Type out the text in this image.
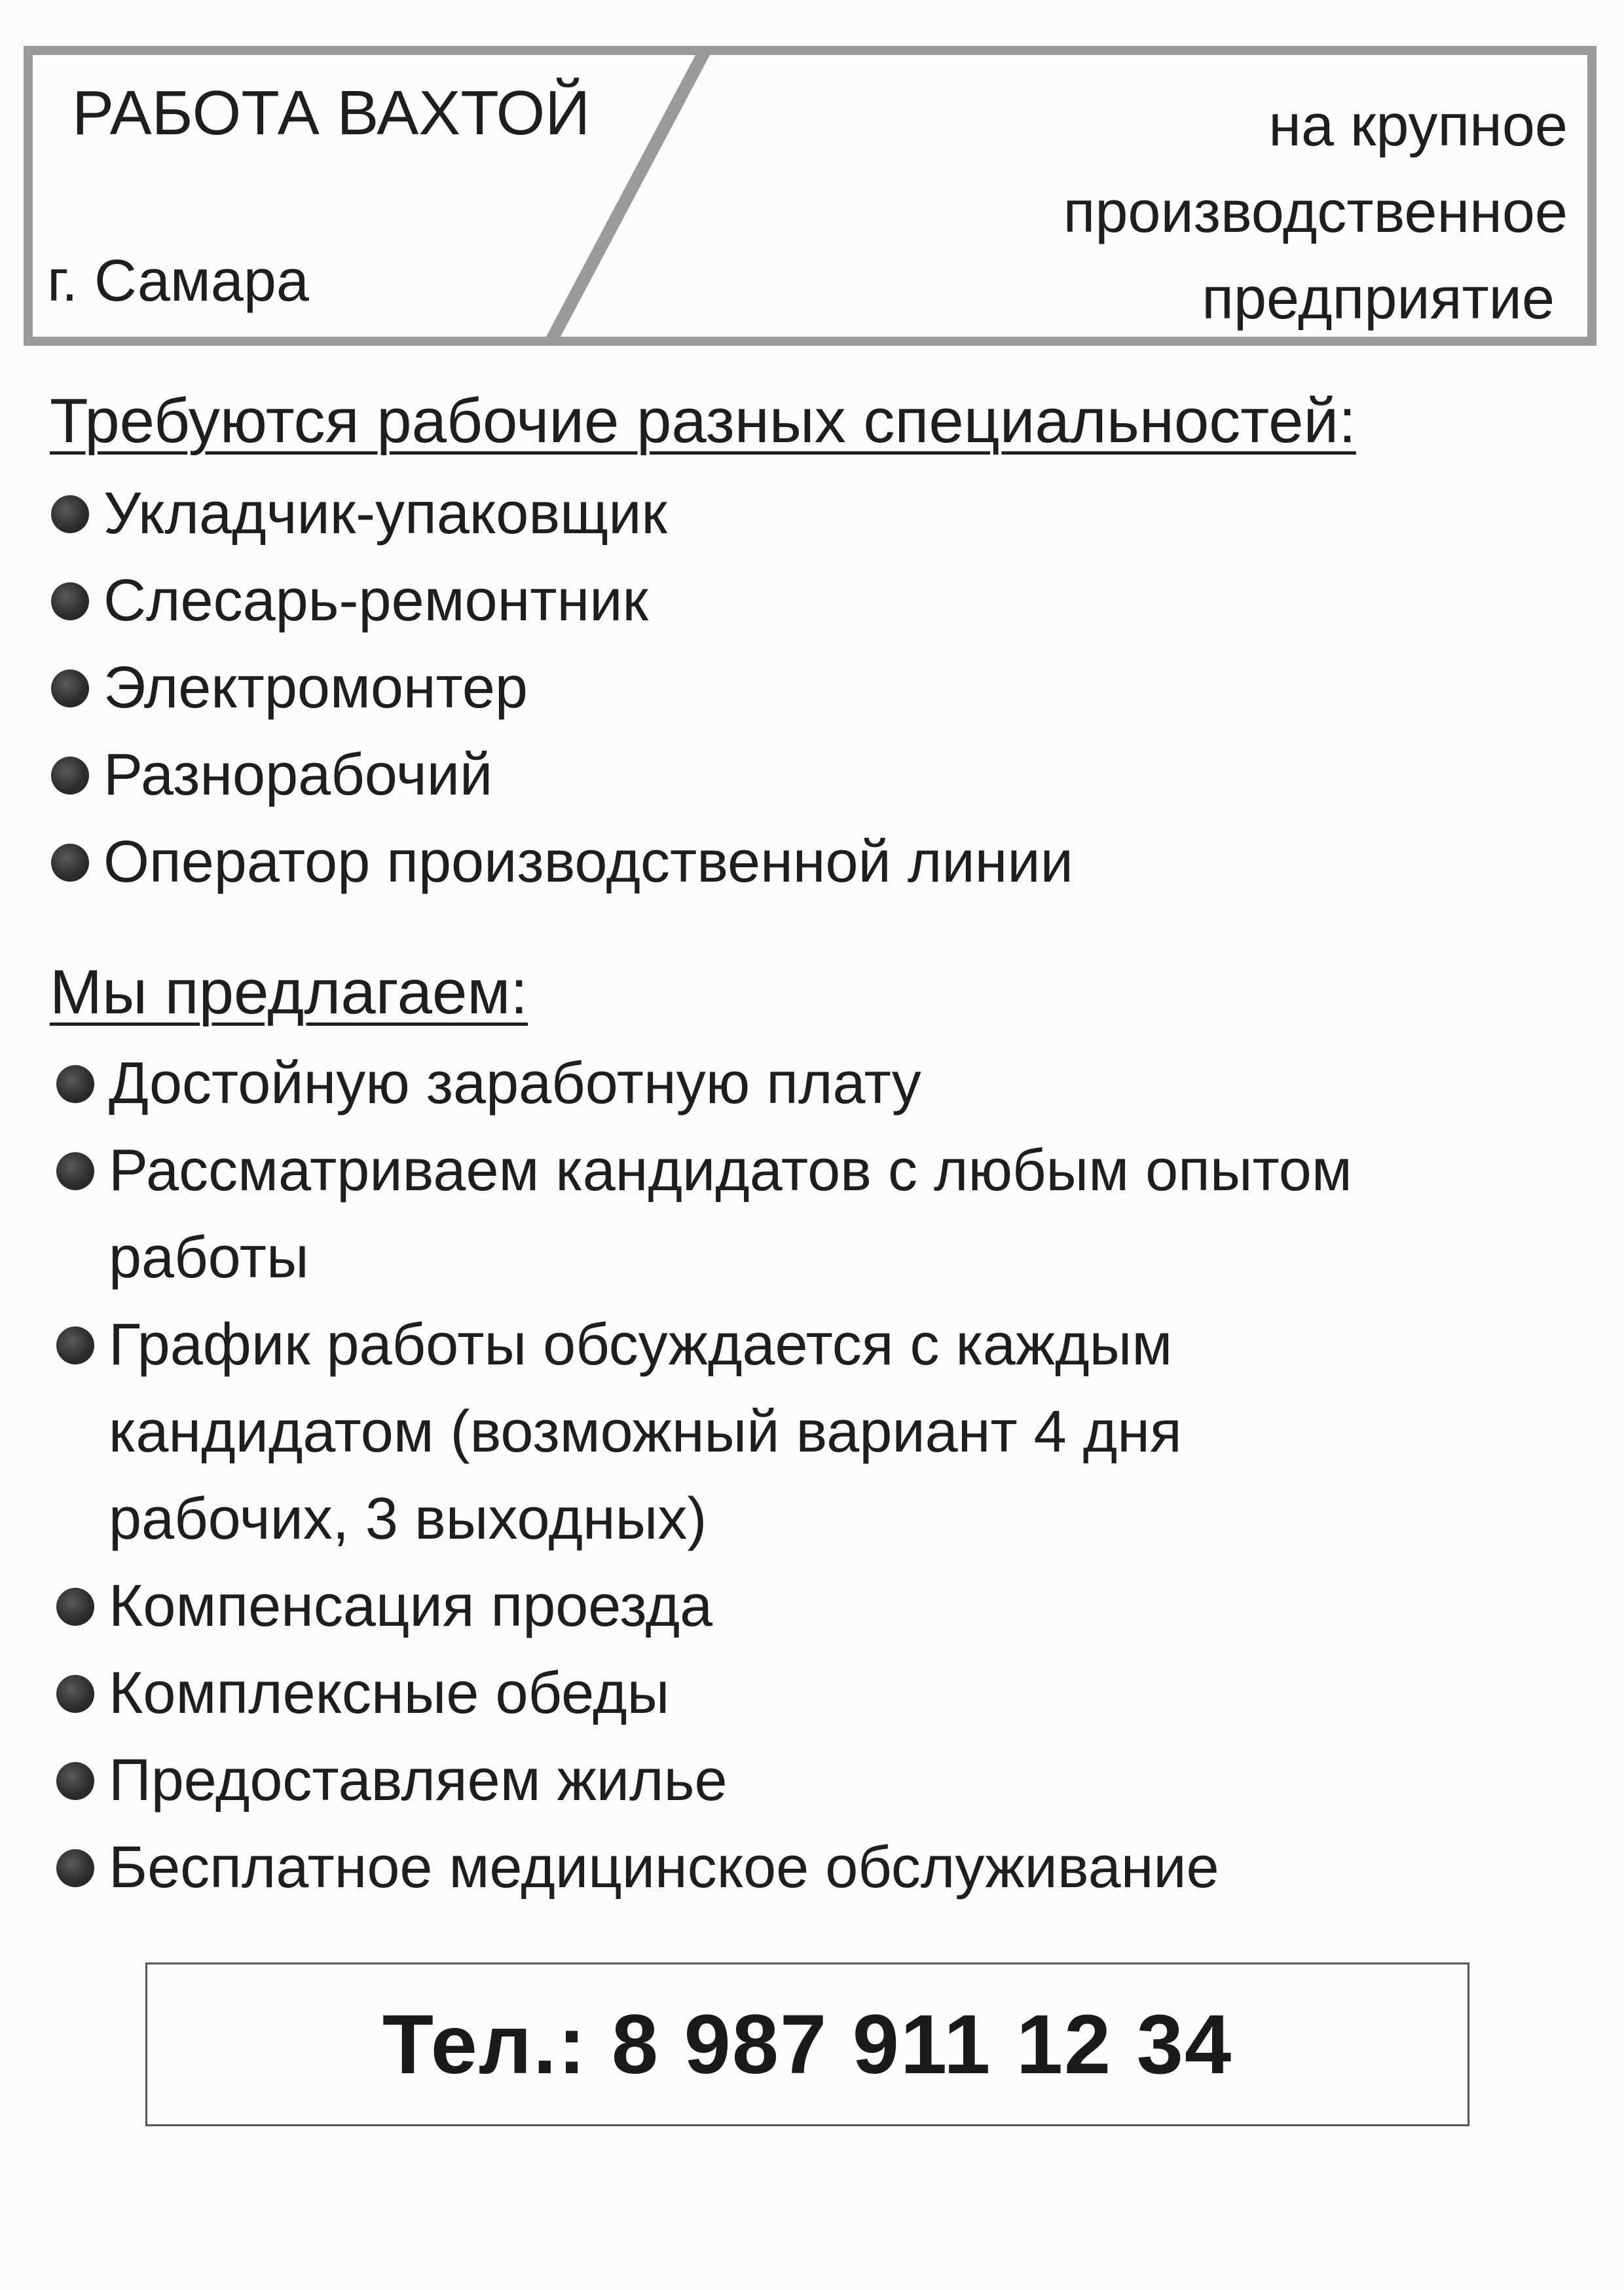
РАБОТА ВАХТОЙ
г. Самара
на крупное
производственное
предприятие
Требуются рабочие разных специальностей:
Укладчик-упаковщик
Слесарь-ремонтник
Электромонтер
Разнорабочий
Оператор производственной линии
Мы предлагаем:
Достойную заработную плату
Рассматриваем кандидатов с любым опытом
работы
График работы обсуждается с каждым
кандидатом (возможный вариант 4 дня
рабочих, 3 выходных)
Компенсация проезда
Комплексные обеды
Предоставляем жилье
Бесплатное медицинское обслуживание
Тел.: 8 987 911 12 34
